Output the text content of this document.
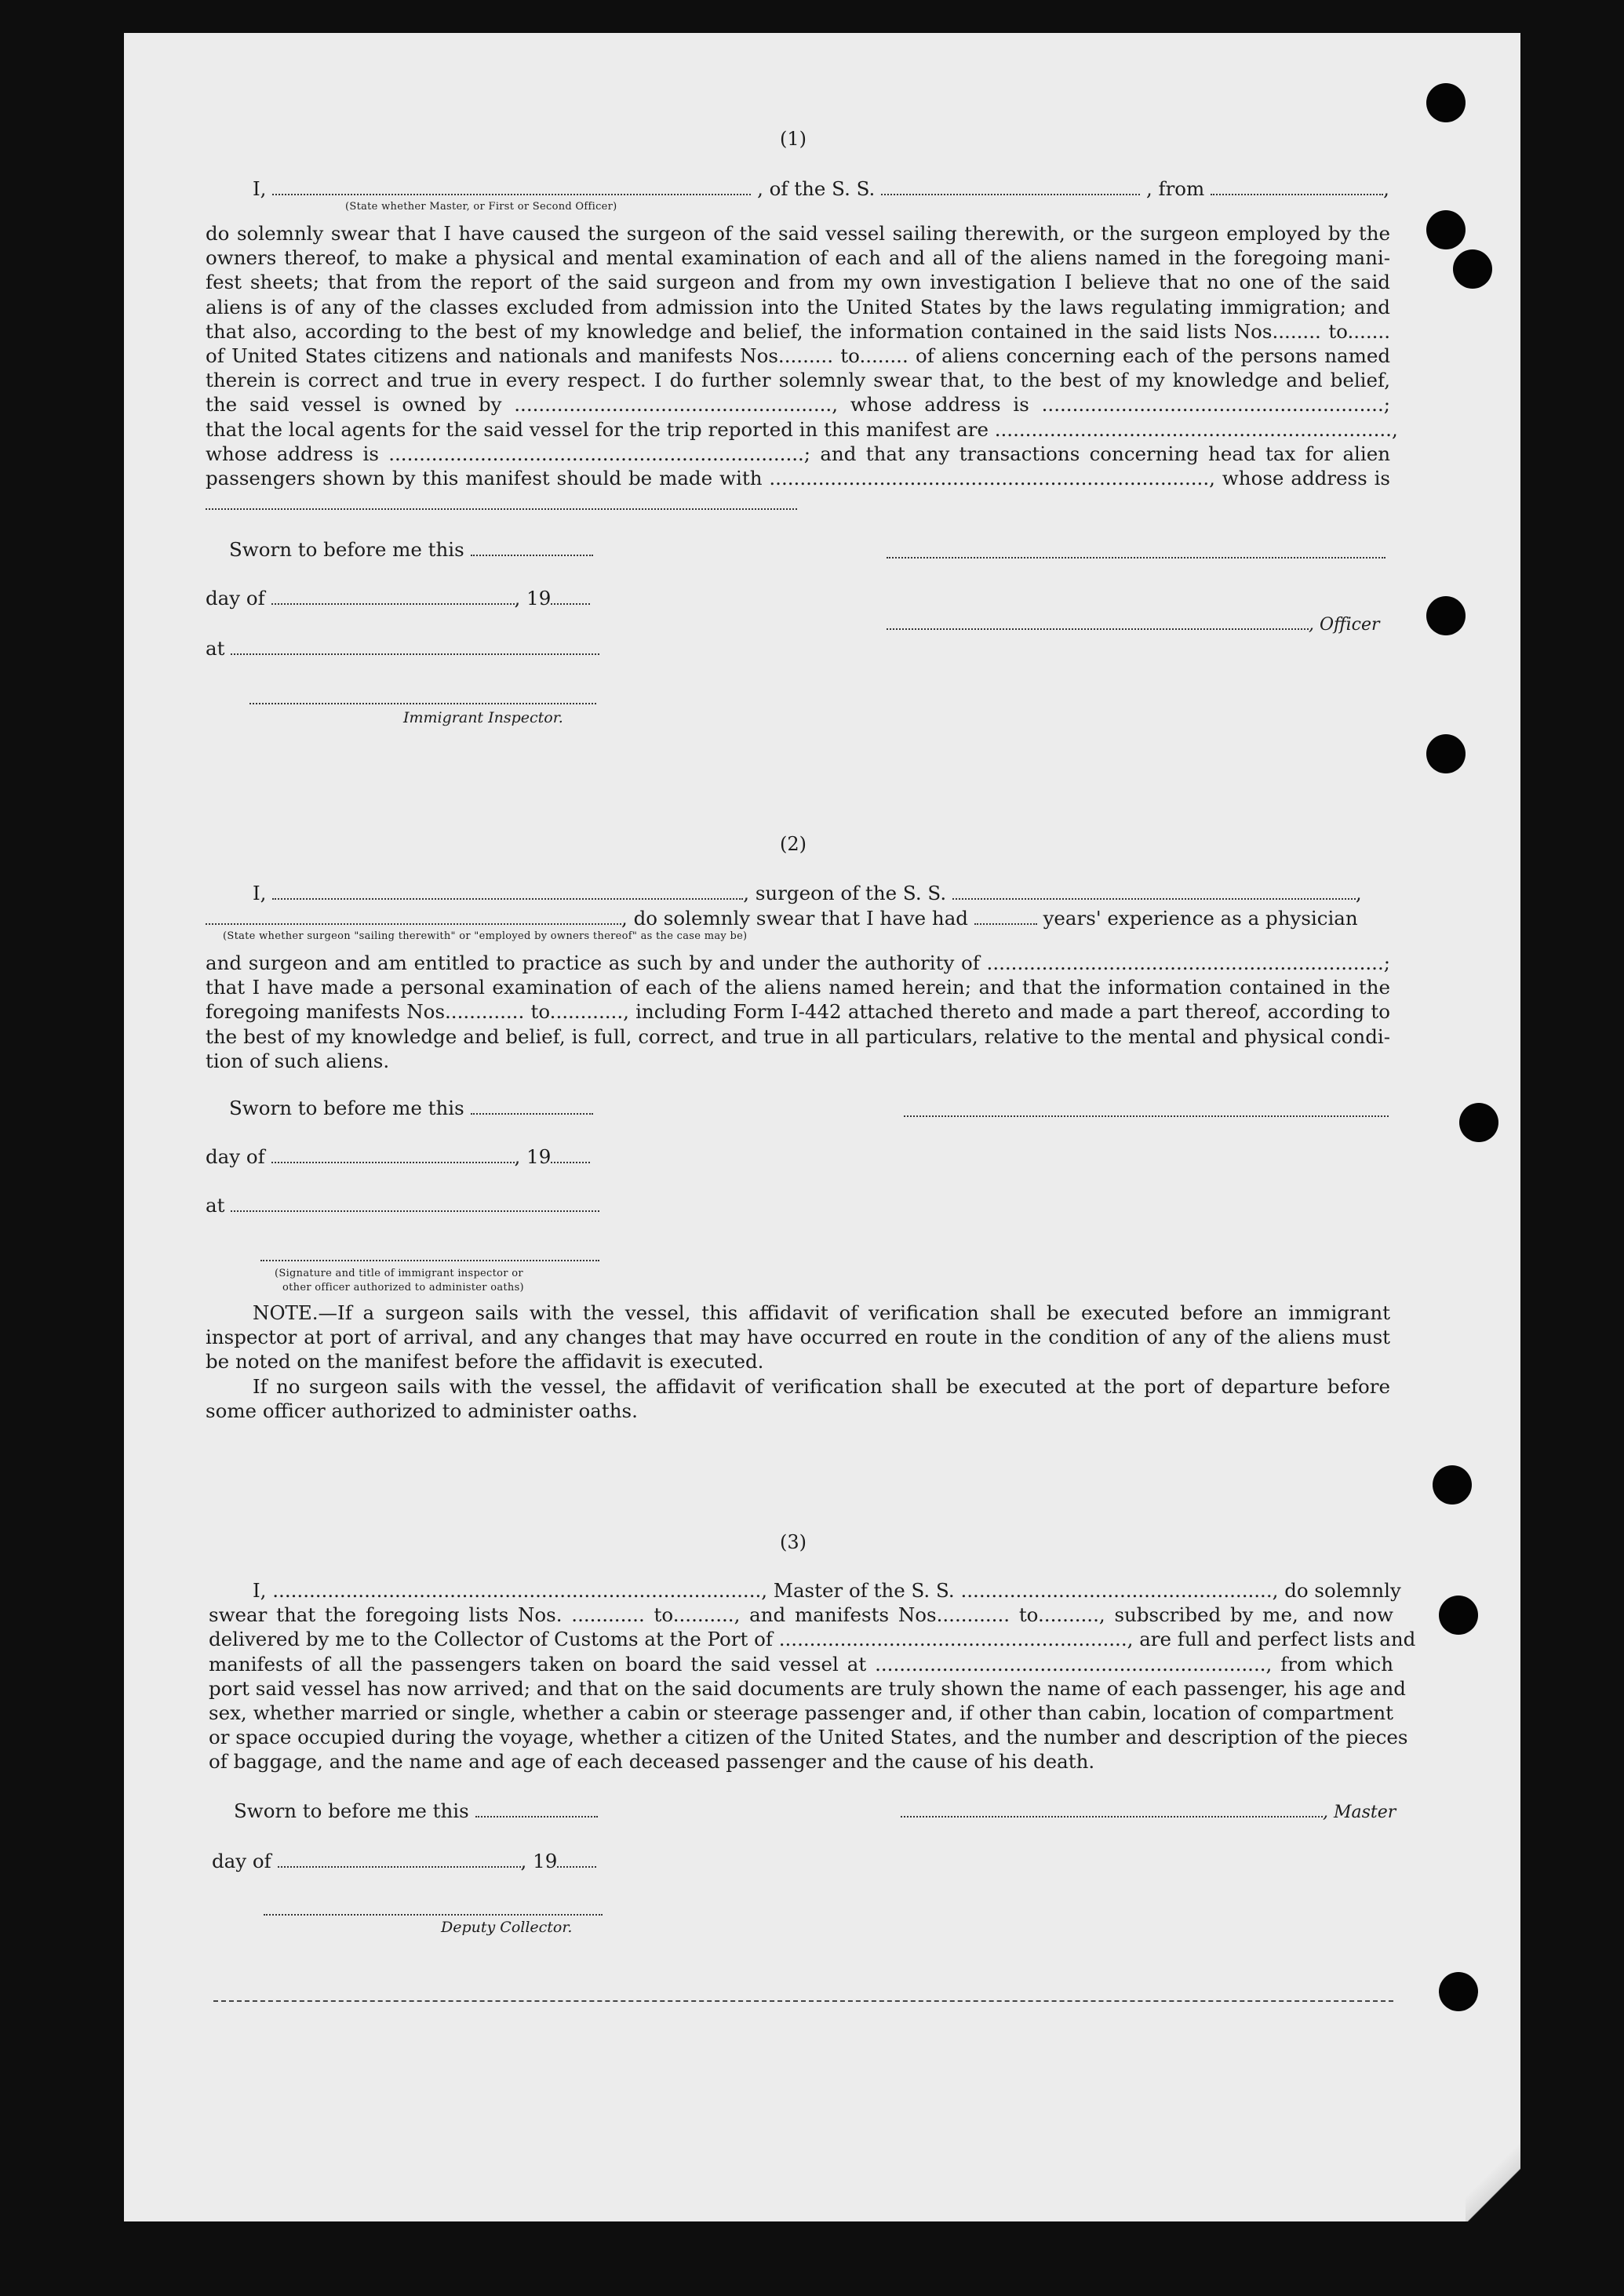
(1)
I,	, of the S. S.	, from	,
(State whether Master, or First or Second Officer)
do solemnly swear that I have caused the surgeon of the said vessel sailing therewith, or the surgeon employed by the
owners thereof, to make a physical and mental examination of each and all of the aliens named in the foregoing mani-
fest sheets; that from the report of the said surgeon and from my own investigation I believe that no one of the said
aliens is of any of the classes excluded from admission into the United States by the laws regulating immigration; and
that also, according to the best of my knowledge and belief, the information contained in the said lists Nos........ to.......
of United States citizens and nationals and manifests Nos......... to........ of aliens concerning each of the persons named
therein is correct and true in every respect. I do further solemnly swear that, to the best of my knowledge and belief,
the said vessel is owned by ...................................................., whose address is ........................................................;
that the local agents for the said vessel for the trip reported in this manifest are .................................................................,
whose address is ....................................................................; and that any transactions concerning head tax for alien
passengers shown by this manifest should be made with ........................................................................, whose address is
Sworn to before me this
day of	, 19
, Officer
at
Immigrant Inspector.
(2)
I,	, surgeon of the S. S.	,
, do solemnly swear that I have had	years' experience as a physician
(State whether surgeon "sailing therewith" or "employed by owners thereof" as the case may be)
and surgeon and am entitled to practice as such by and under the authority of .................................................................;
that I have made a personal examination of each of the aliens named herein; and that the information contained in the
foregoing manifests Nos............. to............, including Form I-442 attached thereto and made a part thereof, according to
the best of my knowledge and belief, is full, correct, and true in all particulars, relative to the mental and physical condi-
tion of such aliens.
Sworn to before me this
day of	, 19
at
(Signature and title of immigrant inspector or
other officer authorized to administer oaths)
NOTE.—If a surgeon sails with the vessel, this affidavit of verification shall be executed before an immigrant
inspector at port of arrival, and any changes that may have occurred en route in the condition of any of the aliens must
be noted on the manifest before the affidavit is executed.
If no surgeon sails with the vessel, the affidavit of verification shall be executed at the port of departure before
some officer authorized to administer oaths.
(3)
I, ................................................................................, Master of the S. S. ..................................................., do solemnly
swear that the foregoing lists Nos. ............ to.........., and manifests Nos............ to.........., subscribed by me, and now
delivered by me to the Collector of Customs at the Port of ........................................................., are full and perfect lists and
manifests of all the passengers taken on board the said vessel at ................................................................, from which
port said vessel has now arrived; and that on the said documents are truly shown the name of each passenger, his age and
sex, whether married or single, whether a cabin or steerage passenger and, if other than cabin, location of compartment
or space occupied during the voyage, whether a citizen of the United States, and the number and description of the pieces
of baggage, and the name and age of each deceased passenger and the cause of his death.
Sworn to before me this	, Master
day of	, 19
Deputy Collector.
